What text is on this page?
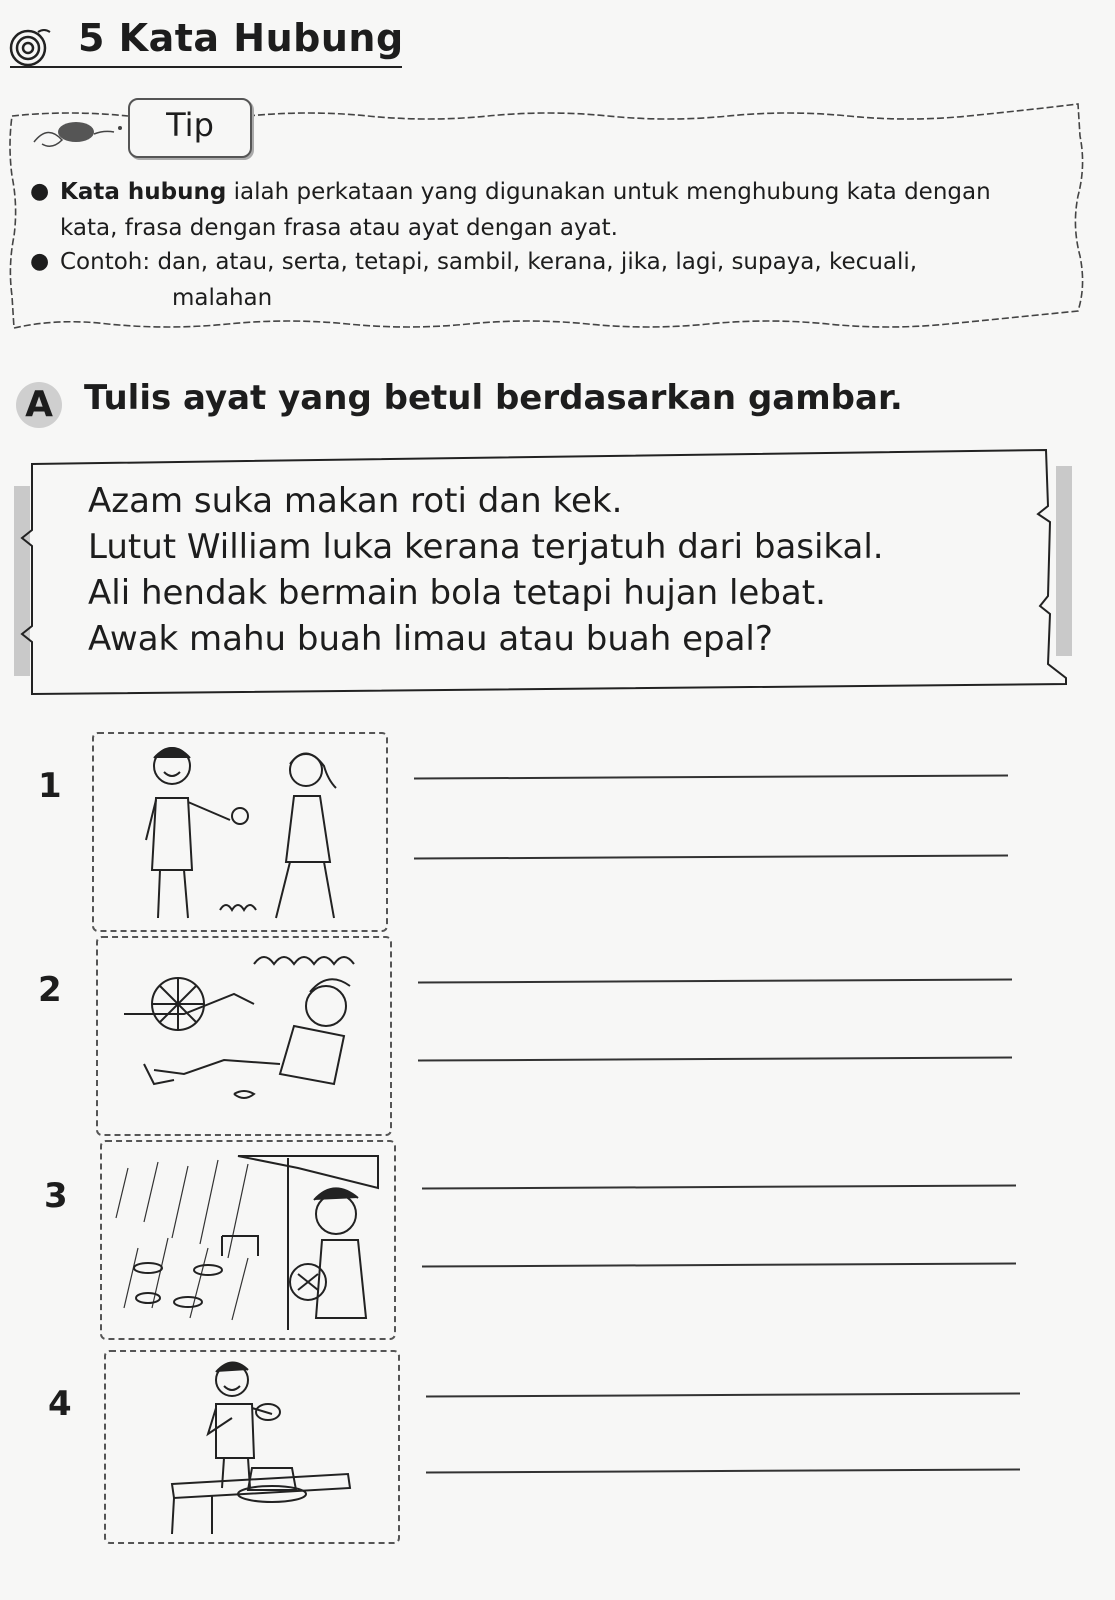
5 Kata Hubung
Tip
● Kata hubung ialah perkataan yang digunakan untuk menghubung kata dengan kata, frasa dengan frasa atau ayat dengan ayat.
● Contoh: dan, atau, serta, tetapi, sambil, kerana, jika, lagi, supaya, kecuali,
malahan
A Tulis ayat yang betul berdasarkan gambar.
Azam suka makan roti dan kek.
Lutut William luka kerana terjatuh dari basikal.
Ali hendak bermain bola tetapi hujan lebat.
Awak mahu buah limau atau buah epal?
1
2
3
4
